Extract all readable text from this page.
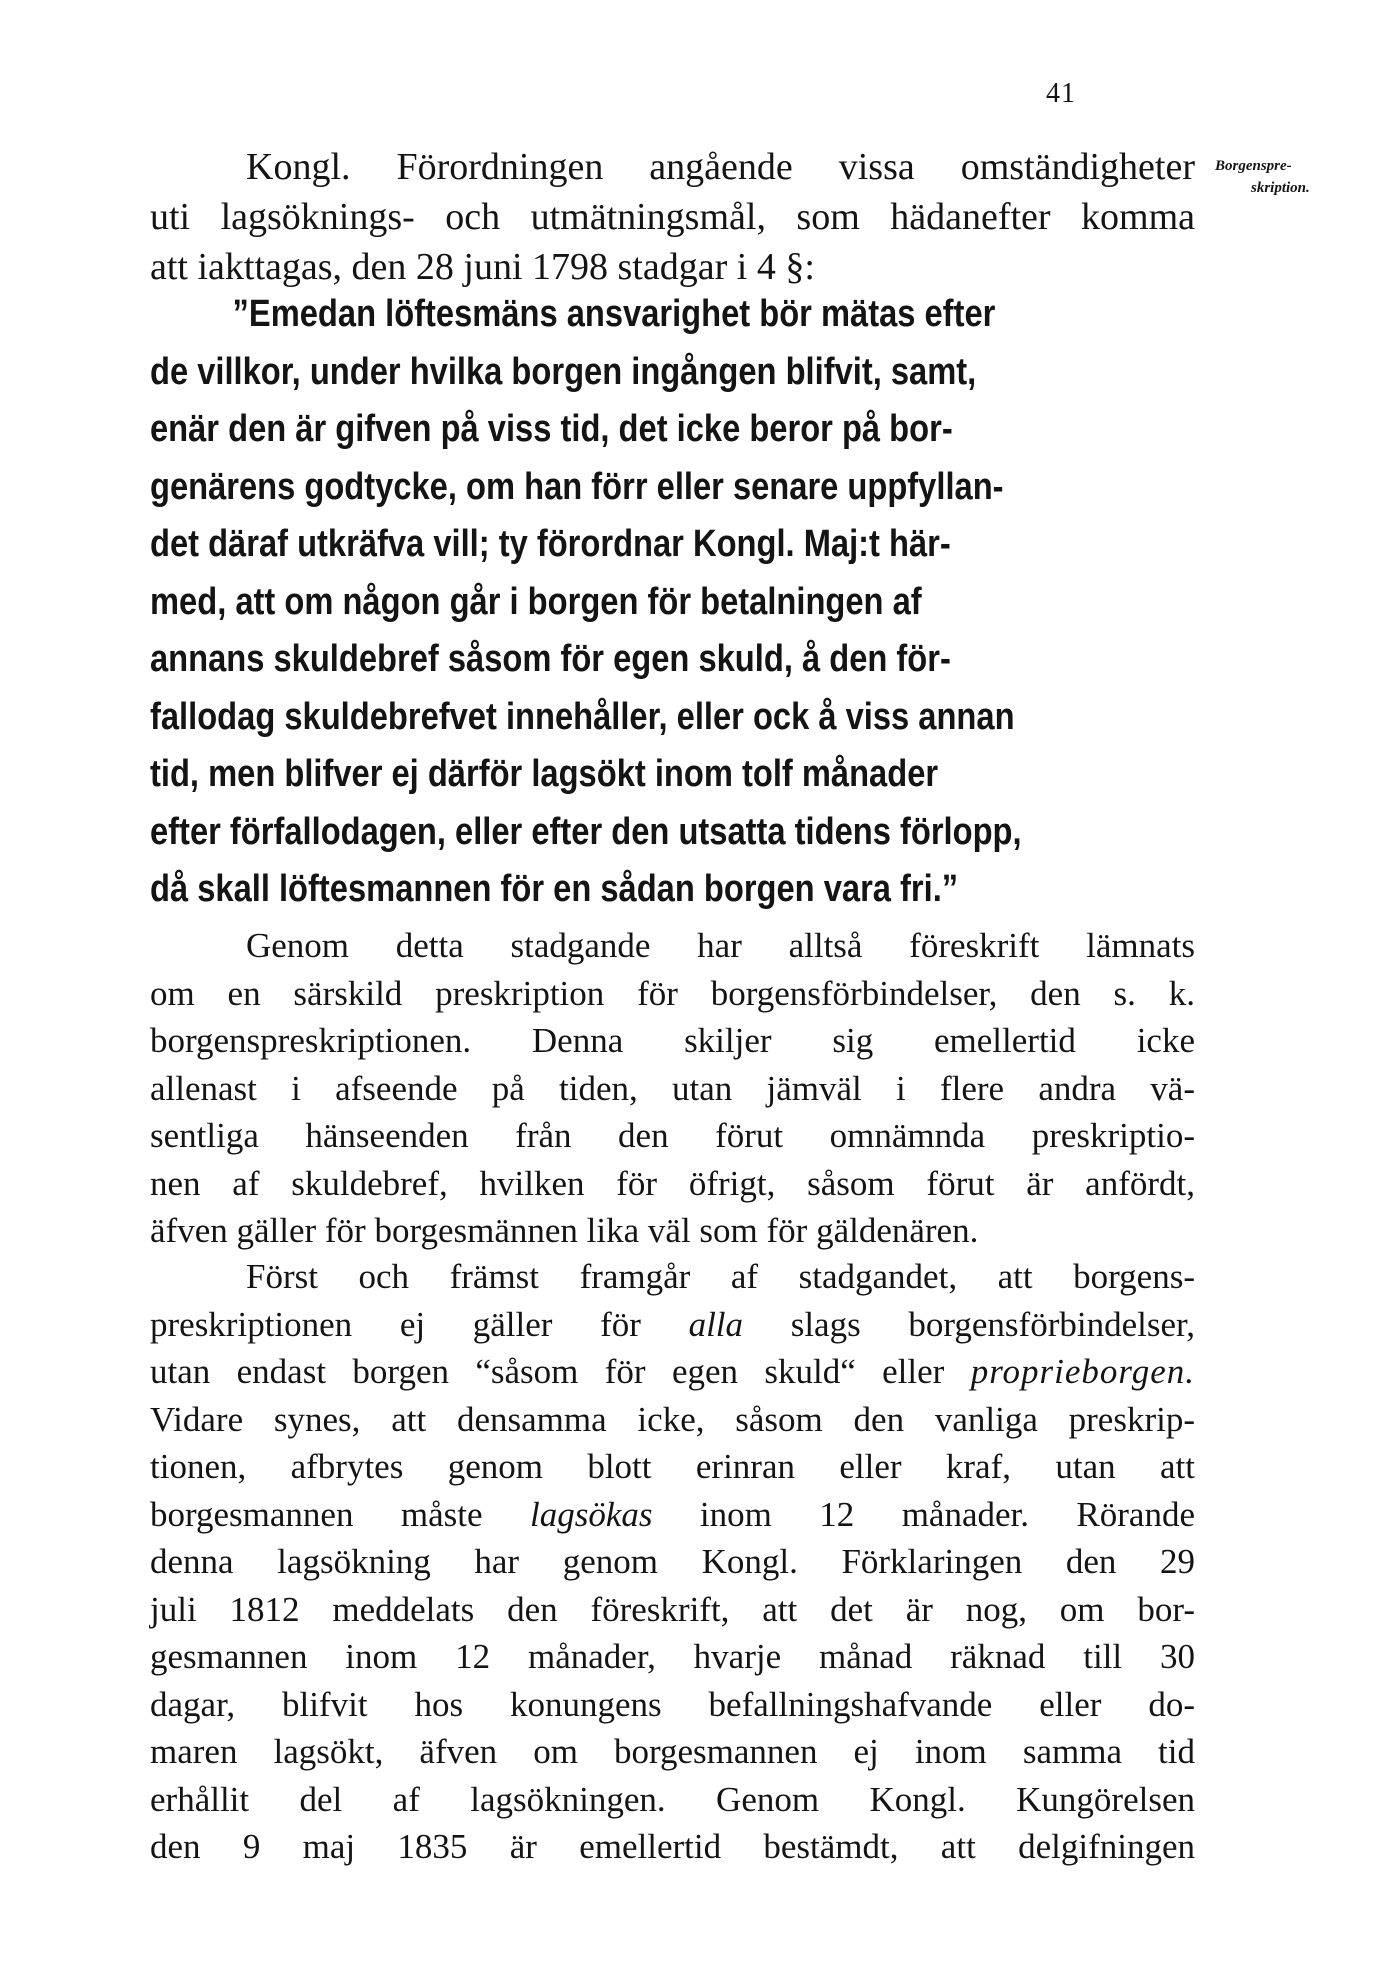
41
Borgenspre-
skription.
Kongl. Förordningen angående vissa omständigheter
uti lagsöknings- och utmätningsmål, som hädanefter komma
att iakttagas, den 28 juni 1798 stadgar i 4 §:
”Emedan löftesmäns ansvarighet bör mätas efter
de villkor, under hvilka borgen ingången blifvit, samt,
enär den är gifven på viss tid, det icke beror på bor-
genärens godtycke, om han förr eller senare uppfyllan-
det däraf utkräfva vill; ty förordnar Kongl. Maj:t här-
med, att om någon går i borgen för betalningen af
annans skuldebref såsom för egen skuld, å den för-
fallodag skuldebrefvet innehåller, eller ock å viss annan
tid, men blifver ej därför lagsökt inom tolf månader
efter förfallodagen, eller efter den utsatta tidens förlopp,
då skall löftesmannen för en sådan borgen vara fri.”
Genom detta stadgande har alltså föreskrift lämnats
om en särskild preskription för borgensförbindelser, den s. k.
borgenspreskriptionen. Denna skiljer sig emellertid icke
allenast i afseende på tiden, utan jämväl i flere andra vä-
sentliga hänseenden från den förut omnämnda preskriptio-
nen af skuldebref, hvilken för öfrigt, såsom förut är anfördt,
äfven gäller för borgesmännen lika väl som för gäldenären.
Först och främst framgår af stadgandet, att borgens-
preskriptionen ej gäller för alla slags borgensförbindelser,
utan endast borgen “såsom för egen skuld“ eller proprieborgen.
Vidare synes, att densamma icke, såsom den vanliga preskrip-
tionen, afbrytes genom blott erinran eller kraf, utan att
borgesmannen måste lagsökas inom 12 månader. Rörande
denna lagsökning har genom Kongl. Förklaringen den 29
juli 1812 meddelats den föreskrift, att det är nog, om bor-
gesmannen inom 12 månader, hvarje månad räknad till 30
dagar, blifvit hos konungens befallningshafvande eller do-
maren lagsökt, äfven om borgesmannen ej inom samma tid
erhållit del af lagsökningen. Genom Kongl. Kungörelsen
den 9 maj 1835 är emellertid bestämdt, att delgifningen
